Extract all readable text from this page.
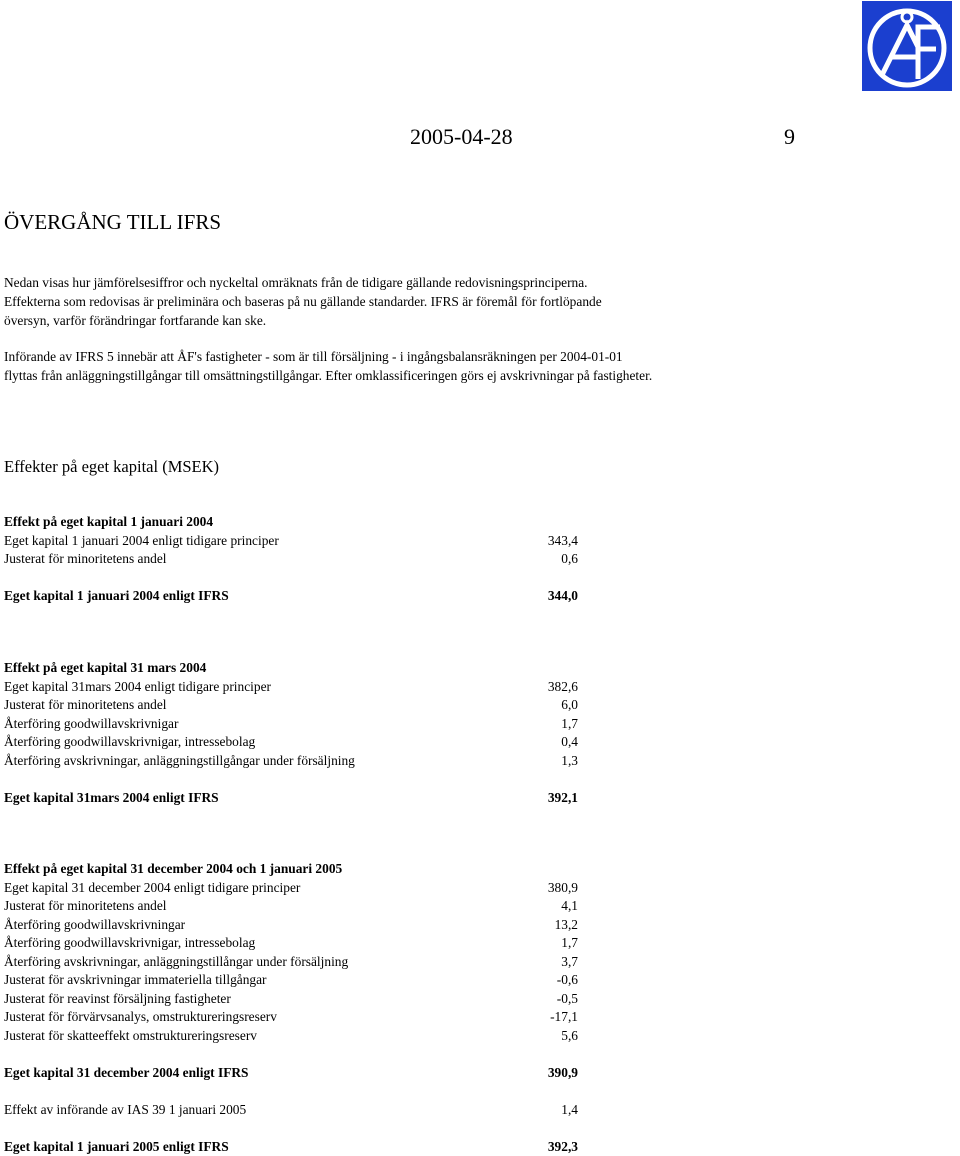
2005-04-28	9
ÖVERGÅNG TILL IFRS
Nedan visas hur jämförelsesiffror och nyckeltal omräknats från de tidigare gällande redovisningsprinciperna.
Effekterna som redovisas är preliminära och baseras på nu gällande standarder. IFRS är föremål för fortlöpande
översyn, varför förändringar fortfarande kan ske.
Införande av IFRS 5 innebär att ÅF's fastigheter - som är till försäljning - i ingångsbalansräkningen per 2004-01-01
flyttas från anläggningstillgångar till omsättningstillgångar. Efter omklassificeringen görs ej avskrivningar på fastigheter.
Effekter på eget kapital (MSEK)
Effekt på eget kapital 1 januari 2004
Eget kapital 1 januari 2004 enligt tidigare principer	343,4
Justerat för minoritetens andel	0,6
Eget kapital 1 januari 2004 enligt IFRS	344,0
Effekt på eget kapital 31 mars 2004
Eget kapital 31mars 2004 enligt tidigare principer	382,6
Justerat för minoritetens andel	6,0
Återföring goodwillavskrivnigar	1,7
Återföring goodwillavskrivnigar, intressebolag	0,4
Återföring avskrivningar, anläggningstillgångar under försäljning	1,3
Eget kapital 31mars 2004 enligt IFRS	392,1
Effekt på eget kapital 31 december 2004 och 1 januari 2005
Eget kapital 31 december 2004 enligt tidigare principer	380,9
Justerat för minoritetens andel	4,1
Återföring goodwillavskrivningar	13,2
Återföring goodwillavskrivnigar, intressebolag	1,7
Återföring avskrivningar, anläggningstillångar under försäljning	3,7
Justerat för avskrivningar immateriella tillgångar	-0,6
Justerat för reavinst försäljning fastigheter	-0,5
Justerat för förvärvsanalys, omstruktureringsreserv	-17,1
Justerat för skatteeffekt omstruktureringsreserv	5,6
Eget kapital 31 december 2004 enligt IFRS	390,9
Effekt av införande av IAS 39 1 januari 2005	1,4
Eget kapital 1 januari 2005 enligt IFRS	392,3
